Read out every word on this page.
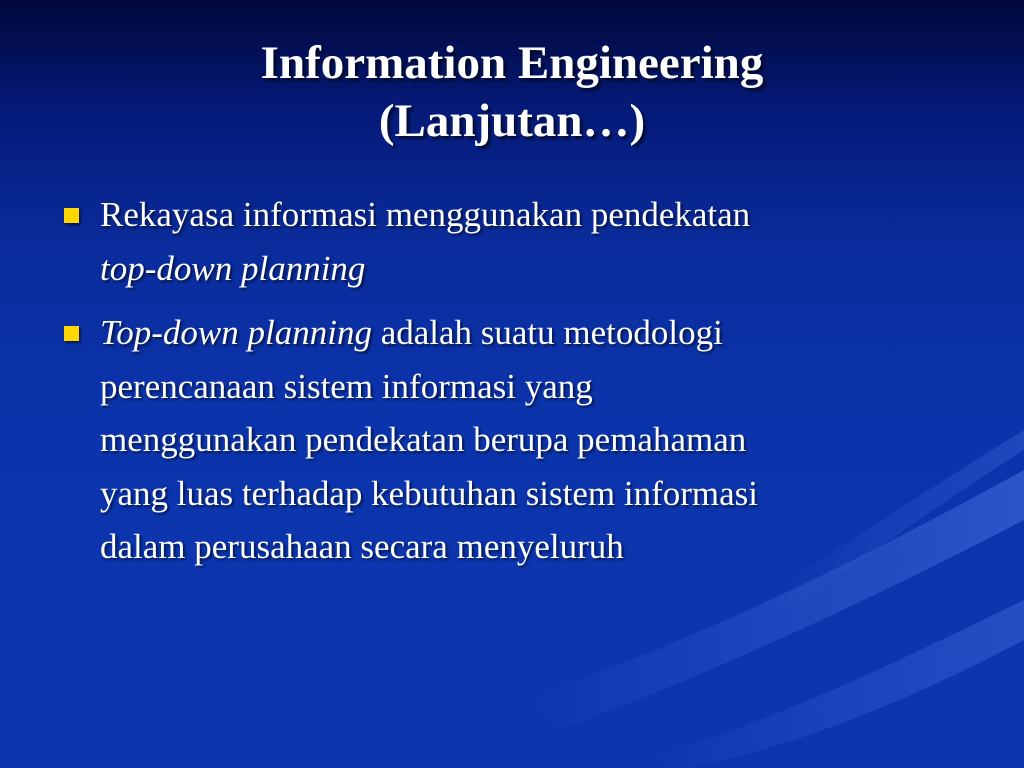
Information Engineering
(Lanjutan…)
Rekayasa informasi menggunakan pendekatan
top-down planning
Top-down planning adalah suatu metodologi
perencanaan sistem informasi yang
menggunakan pendekatan berupa pemahaman
yang luas terhadap kebutuhan sistem informasi
dalam perusahaan secara menyeluruh
